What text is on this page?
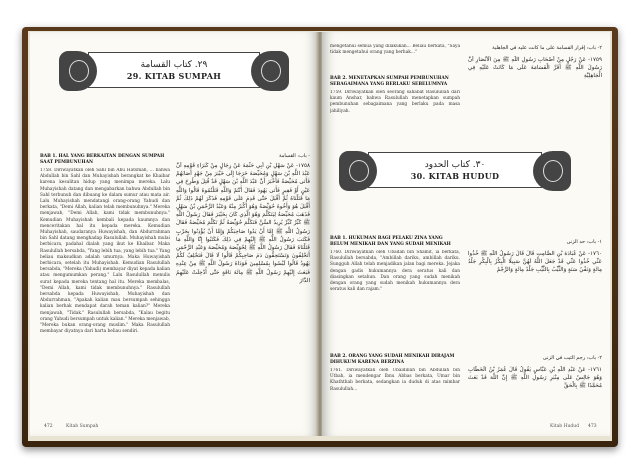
٢٩. كتاب القسامة
29. KITAB SUMPAH
BAB 1. HAL YANG BERKAITAN DENGAN SUMPAH SAAT PEMBUNUHAN
1758. Diriwayatkan oleh Sahl bin Abu Hatsmah, ... bahwa Abdullah bin Sahl dan Muhayishah berangkat ke Khaibar karena kesulitan hidup yang menimpa mereka. Lalu Muhayishah datang dan mengabarkan bahwa Abdullah bin Sahl terbunuh dan dibuang ke dalam sumur atau mata air. Lalu Muhayishah mendatangi orang-orang Yahudi dan berkata, "Demi Allah, kalian telah membunuhnya." Mereka menjawab, "Demi Allah, kami tidak membunuhnya." Kemudian Muhayishah kembali kepada kaumnya dan menceritakan hal itu kepada mereka. Kemudian Muhayishah, saudaranya Huwayishah, dan Abdurrahman bin Sahl datang menghadap Rasulullah. Muhayishah mulai berbicara, padahal dialah yang ikut ke Khaibar. Maka Rasulullah bersabda, "Yang lebih tua, yang lebih tua." Yang beliau maksudkan adalah umurnya. Maka Huwayishah berbicara, setelah itu Muhayishah. Kemudian Rasulullah bersabda, "Mereka (Yahudi) membayar diyat kepada kalian atau mengumumkan perang." Lalu Rasulullah menulis surat kepada mereka tentang hal itu. Mereka membalas, "Demi Allah, kami tidak membunuhnya." Rasulullah bersabda kepada Huwayishah, Muhayishah dan Abdurrahman, "Apakah kalian mau bersumpah sehingga kalian berhak mendapat darah teman kalian?" Mereka menjawab, "Tidak." Rasulullah bersabda, "Kalau begitu orang Yahudi bersumpah untuk kalian." Mereka menjawab, "Mereka bukan orang-orang muslim." Maka Rasulullah membayar diyatnya dari harta beliau sendiri.
- باب: القسامة
١٧٥٨- عَنْ سَهْلِ بْنِ أَبِي حَثْمَةَ عَنْ رِجَالٍ مِنْ كُبَرَاءِ قَوْمِهِ أَنَّ عَبْدَ اللَّهِ بْنَ سَهْلٍ وَمُحَيِّصَةَ خَرَجَا إِلَى خَيْبَرَ مِنْ جَهْدٍ أَصَابَهُمْ فَأَتَى مُحَيِّصَةُ فَأَخْبَرَ أَنَّ عَبْدَ اللَّهِ بْنَ سَهْلٍ قَدْ قُتِلَ وَطُرِحَ فِي عَيْنٍ أَوْ فَقِيرٍ فَأَتَى يَهُودَ فَقَالَ أَنْتُمْ وَاللَّهِ قَتَلْتُمُوهُ قَالُوا وَاللَّهِ مَا قَتَلْنَاهُ ثُمَّ أَقْبَلَ حَتَّى قَدِمَ عَلَى قَوْمِهِ فَذَكَرَ لَهُمْ ذَلِكَ ثُمَّ أَقْبَلَ هُوَ وَأَخُوهُ حُوَيِّصَةُ وَهُوَ أَكْبَرُ مِنْهُ وَعَبْدُ الرَّحْمَنِ بْنُ سَهْلٍ فَذَهَبَ مُحَيِّصَةُ لِيَتَكَلَّمَ وَهُوَ الَّذِي كَانَ بِخَيْبَرَ فَقَالَ رَسُولُ اللَّهِ ﷺ كَبِّرْ كَبِّرْ يُرِيدُ السِّنَّ فَتَكَلَّمَ حُوَيِّصَةُ ثُمَّ تَكَلَّمَ مُحَيِّصَةُ فَقَالَ رَسُولُ اللَّهِ ﷺ إِمَّا أَنْ يَدُوا صَاحِبَكُمْ وَإِمَّا أَنْ يُؤْذِنُوا بِحَرْبٍ فَكَتَبَ رَسُولُ اللَّهِ ﷺ إِلَيْهِمْ فِي ذَلِكَ فَكَتَبُوا إِنَّا وَاللَّهِ مَا قَتَلْنَاهُ فَقَالَ رَسُولُ اللَّهِ ﷺ لِحُوَيِّصَةَ وَمُحَيِّصَةَ وَعَبْدِ الرَّحْمَنِ أَتَحْلِفُونَ وَتَسْتَحِقُّونَ دَمَ صَاحِبِكُمْ قَالُوا لَا قَالَ فَتَحْلِفُ لَكُمْ يَهُودُ قَالُوا لَيْسُوا بِمُسْلِمِينَ فَوَدَاهُ رَسُولُ اللَّهِ ﷺ مِنْ عِنْدِهِ فَبَعَثَ إِلَيْهِمْ رَسُولُ اللَّهِ ﷺ مِائَةَ نَاقَةٍ حَتَّى أُدْخِلَتْ عَلَيْهِمُ الدَّارَ
472	Kitab Sumpah
mengetahui semua yang dilakukan... Beliau berkata, "Saya tidak mengetahui orang yang berhak..."
BAB 2. MENETAPKAN SUMPAH PEMBUNUHAN SEBAGAIMANA YANG BERLAKU SEBELUMNYA
1759. Diriwayatkan oleh seorang sahabat Rasulullah dari kaum Anshar, bahwa Rasulullah menetapkan sumpah pembunuhan sebagaimana yang berlaku pada masa jahiliyah.
٢- باب: إقرار القسامة على ما كانت عليه في الجاهلية
١٧٥٩- عَنْ رَجُلٍ مِنْ أَصْحَابِ رَسُولِ اللَّهِ ﷺ مِنَ الْأَنْصَارِ أَنَّ رَسُولَ اللَّهِ ﷺ أَقَرَّ الْقَسَامَةَ عَلَى مَا كَانَتْ عَلَيْهِ فِي الْجَاهِلِيَّةِ
٣٠. كتاب الحدود
30. KITAB HUDUD
BAB 1. HUKUMAN BAGI PELAKU ZINA YANG BELUM MENIKAH DAN YANG SUDAH MENIKAH
1760. Diriwayatkan oleh Ubadah bin Shamit, ia berkata, Rasulullah bersabda, "Ambillah dariku, ambillah dariku. Sungguh Allah telah menjadikan jalan bagi mereka. Jejaka dengan gadis hukumannya dera seratus kali dan diasingkan setahun. Dan orang yang sudah menikah dengan orang yang sudah menikah hukumannya dera seratus kali dan rajam."
١- باب: حد الزنى
١٧٦٠- عَنْ عُبَادَةَ بْنِ الصَّامِتِ قَالَ قَالَ رَسُولُ اللَّهِ ﷺ خُذُوا عَنِّي خُذُوا عَنِّي قَدْ جَعَلَ اللَّهُ لَهُنَّ سَبِيلًا الْبِكْرُ بِالْبِكْرِ جَلْدُ مِائَةٍ وَنَفْيُ سَنَةٍ وَالثَّيِّبُ بِالثَّيِّبِ جَلْدُ مِائَةٍ وَالرَّجْمُ
BAB 2. ORANG YANG SUDAH MENIKAH DIRAJAM DIHUKUM KARENA BERZINA
1761. Diriwayatkan oleh Ubaidillah bin Abdullah bin Utbah, ia mendengar Ibnu Abbas berkata, Umar bin Khaththab berkata, sedangkan ia duduk di atas mimbar Rasulullah...
٢- باب: رجم الثيب في الزنى
١٧٦١- عَنْ عَبْدِ اللَّهِ بْنِ عَبَّاسٍ يَقُولُ قَالَ عُمَرُ بْنُ الْخَطَّابِ وَهُوَ جَالِسٌ عَلَى مِنْبَرِ رَسُولِ اللَّهِ ﷺ إِنَّ اللَّهَ قَدْ بَعَثَ مُحَمَّدًا ﷺ بِالْحَقِّ
Kitab Hudud 473
